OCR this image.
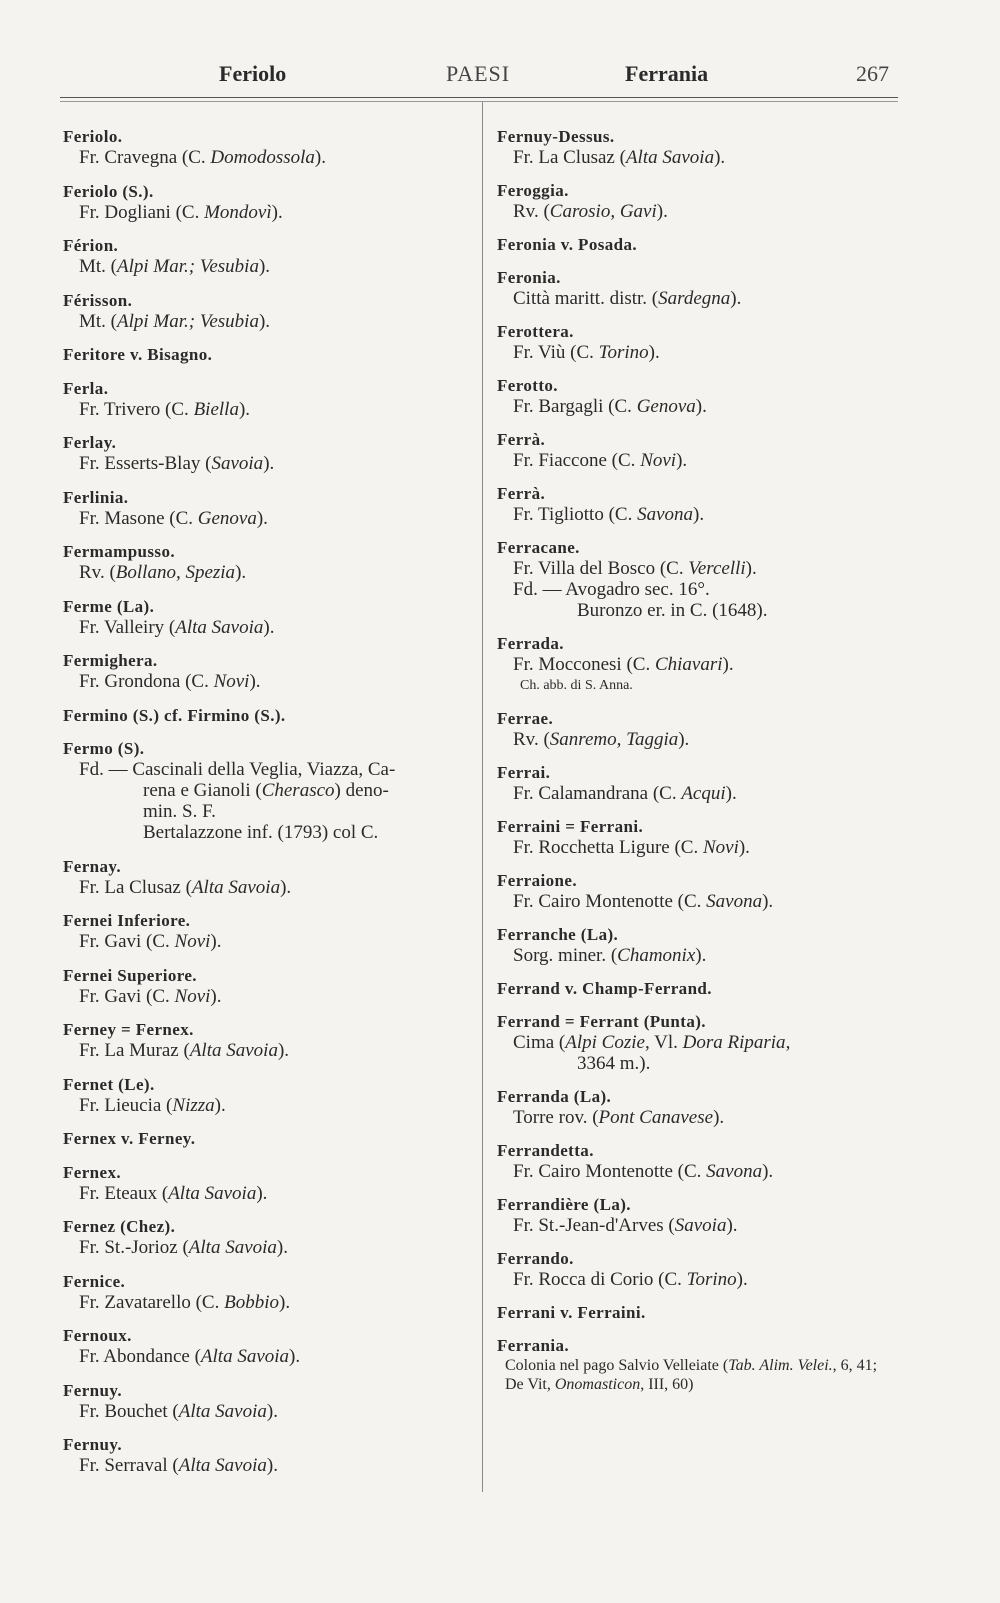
Feriolo	PAESI	Ferrania	267
Feriolo.
Fr. Cravegna (C. Domodossola).
Feriolo (S.).
Fr. Dogliani (C. Mondovì).
Férion.
Mt. (Alpi Mar.; Vesubia).
Férisson.
Mt. (Alpi Mar.; Vesubia).
Feritore v. Bisagno.
Ferla.
Fr. Trivero (C. Biella).
Ferlay.
Fr. Esserts-Blay (Savoia).
Ferlinia.
Fr. Masone (C. Genova).
Fermampusso.
Rv. (Bollano, Spezia).
Ferme (La).
Fr. Valleiry (Alta Savoia).
Fermighera.
Fr. Grondona (C. Novi).
Fermino (S.) cf. Firmino (S.).
Fermo (S).
Fd. — Cascinali della Veglia, Viazza, Ca-
rena e Gianoli (Cherasco) deno-
min. S. F.
Bertalazzone inf. (1793) col C.
Fernay.
Fr. La Clusaz (Alta Savoia).
Fernei Inferiore.
Fr. Gavi (C. Novi).
Fernei Superiore.
Fr. Gavi (C. Novi).
Ferney = Fernex.
Fr. La Muraz (Alta Savoia).
Fernet (Le).
Fr. Lieucia (Nizza).
Fernex v. Ferney.
Fernex.
Fr. Eteaux (Alta Savoia).
Fernez (Chez).
Fr. St.-Jorioz (Alta Savoia).
Fernice.
Fr. Zavatarello (C. Bobbio).
Fernoux.
Fr. Abondance (Alta Savoia).
Fernuy.
Fr. Bouchet (Alta Savoia).
Fernuy.
Fr. Serraval (Alta Savoia).
Fernuy-Dessus.
Fr. La Clusaz (Alta Savoia).
Feroggia.
Rv. (Carosio, Gavi).
Feronia v. Posada.
Feronia.
Città maritt. distr. (Sardegna).
Ferottera.
Fr. Viù (C. Torino).
Ferotto.
Fr. Bargagli (C. Genova).
Ferrà.
Fr. Fiaccone (C. Novi).
Ferrà.
Fr. Tigliotto (C. Savona).
Ferracane.
Fr. Villa del Bosco (C. Vercelli).
Fd. — Avogadro sec. 16°.
Buronzo er. in C. (1648).
Ferrada.
Fr. Mocconesi (C. Chiavari).
Ch. abb. di S. Anna.
Ferrae.
Rv. (Sanremo, Taggia).
Ferrai.
Fr. Calamandrana (C. Acqui).
Ferraini = Ferrani.
Fr. Rocchetta Ligure (C. Novi).
Ferraione.
Fr. Cairo Montenotte (C. Savona).
Ferranche (La).
Sorg. miner. (Chamonix).
Ferrand v. Champ-Ferrand.
Ferrand = Ferrant (Punta).
Cima (Alpi Cozie, Vl. Dora Riparia,
3364 m.).
Ferranda (La).
Torre rov. (Pont Canavese).
Ferrandetta.
Fr. Cairo Montenotte (C. Savona).
Ferrandière (La).
Fr. St.-Jean-d'Arves (Savoia).
Ferrando.
Fr. Rocca di Corio (C. Torino).
Ferrani v. Ferraini.
Ferrania.
Colonia nel pago Salvio Velleiate (Tab. Alim. Velei., 6, 41; De Vit, Onomasticon, III, 60)
